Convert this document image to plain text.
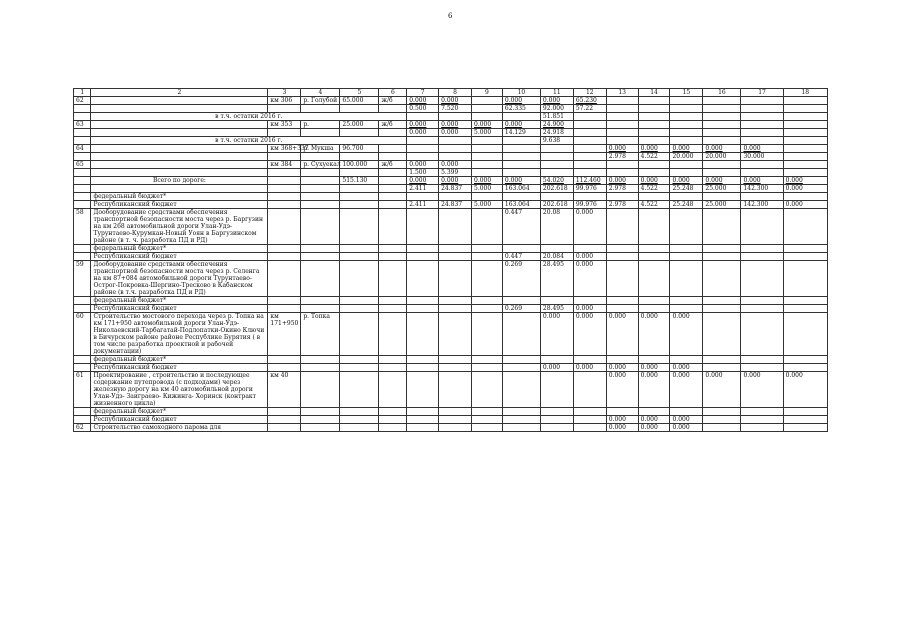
6
1	2	3	4	5	6	7	8	9	10	11	12	13	14	15	16	17	18
62		км 306	р. Голубой	65.000	ж/б	0.000	0.000		0.000	0.000	65.230						
						0.500	7.520		62.335	92.000	57.22						
	в т.ч. остатки 2016 г.									51.851							
63		км 353	р.	25.000	ж/б	0.000	0.000	0.000	0.000	24.900							
						0.000	0.000	5.000	14.129	24.918							
	в т.ч. остатки 2016 г.									9.638							
64		км 368+337	р. Мукша	96.700								0.000	0.000	0.000	0.000	0.000	
												2.978	4.522	20.000	20.000	30.000	
65		км 384	р. Сухуекал	100.000	ж/б	0.000	0.000										
						1.500	5.399										
	Всего по дороге:			515.130		0.000	0.000	0.000	0.000	54.020	112.460	0.000	0.000	0.000	0.000	0.000	0.000
						2.411	24.837	5.000	163.064	202.618	99.976	2.978	4.522	25.248	25.000	142.300	0.000
	федеральный бюджет*																
	Республиканский бюджет					2.411	24.837	5.000	163.064	202.618	99.976	2.978	4.522	25.248	25.000	142.300	0.000
58	Дооборудование средствами обеспечения транспортной безопасности моста через р. Баргузин на км 268 автомобильной дороги Улан-Удэ-Турунтаево-Курумкан-Новый Уоян в Баргузинском районе (в т. ч. разработка ПД и РД)								0.447	20.08	0.000						
	федеральный бюджет*																
	Республиканский бюджет								0.447	20.084	0.000						
59	Дооборудование средствами обеспечения транспортной безопасности моста через р. Селенга на км 87+084 автомобильной дороги Турунтаево-Острог-Покровка-Шергино-Тресково в Кабанском районе (в т.ч. разработка ПД и РД)								0.269	28.495	0.000						
	федеральный бюджет*																
	Республиканский бюджет								0.269	28.495	0.000						
60	Строительство мостового перехода через р. Топка на км 171+950 автомобильной дороги Улан-Удэ-Николаевский-Тарбагатай-Подлопатки-Окино Ключи в Бичурском районе районе Республике Бурятия ( в том числе разработка проектной и рабочей документации)	км 171+950	р. Топка							0.000	0.000	0.000	0.000	0.000			
	федеральный бюджет*																
	Республиканский бюджет									0.000	0.000	0.000	0.000	0.000			
61	Проектирование , строительство и последующее содержание путепровода (с подходами) через железную дорогу на км 40 автомобильной дороги Улан-Удэ- Заиграево- Кижинга- Хоринск (контракт жизненного цикла)	км 40										0.000	0.000	0.000	0.000	0.000	0.000
	федеральный бюджет*																
	Республиканский бюджет											0.000	0.000	0.000			
62	Строительство самоходного парома для											0.000	0.000	0.000			
